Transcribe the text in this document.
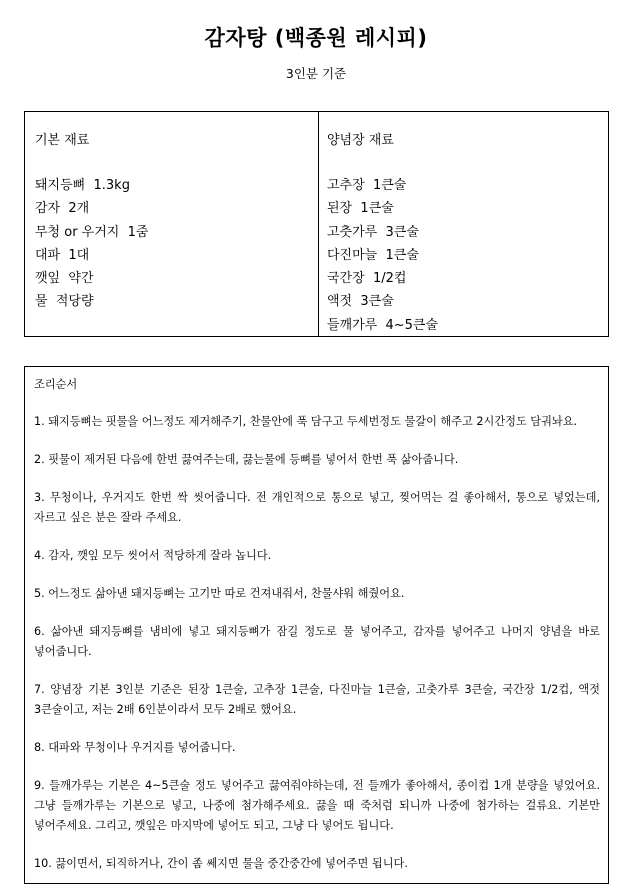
감자탕 (백종원 레시피)
3인분 기준
기본 재료
돼지등뼈  1.3kg
감자  2개
무청 or 우거지  1줌
대파  1대
깻잎  약간
물  적당량
양념장 재료
고추장  1큰술
된장  1큰술
고춧가루  3큰술
다진마늘  1큰술
국간장  1/2컵
액젓  3큰술
들깨가루  4~5큰술

조리순서

1. 돼지등뼈는 핏물을 어느정도 제거해주기, 찬물안에 푹 담구고 두세번정도 물갈이 해주고 2시간정도 담궈놔요.

2. 핏물이 제거된 다음에 한번 끓여주는데, 끓는물에 등뼈를 넣어서 한번 푹 삶아줍니다.

3. 무청이나, 우거지도 한번 싹 씻어줍니다. 전 개인적으로 통으로 넣고, 찢어먹는 걸 좋아해서, 통으로 넣었는데, 자르고 싶은 분은 잘라 주세요.

4. 감자, 깻잎 모두 씻어서 적당하게 잘라 놉니다.

5. 어느정도 삶아낸 돼지등뼈는 고기만 따로 건져내줘서, 찬물샤워 해줬어요.

6. 삶아낸 돼지등뼈를 냄비에 넣고 돼지등뼈가 잠길 정도로 물 넣어주고, 감자를 넣어주고 나머지 양념을 바로 넣어줍니다.

7. 양념장 기본 3인분 기준은 된장 1큰술, 고추장 1큰술, 다진마늘 1큰술, 고춧가루 3큰술, 국간장 1/2컵, 액젓 3큰술이고, 저는 2배 6인분이라서 모두 2배로 했어요.

8. 대파와 무청이나 우거지를 넣어줍니다.

9. 들깨가루는 기본은 4~5큰술 정도 넣어주고 끓여줘야하는데, 전 들깨가 좋아해서, 종이컵 1개 분량을 넣었어요. 그냥 들깨가루는 기본으로 넣고, 나중에 첨가해주세요. 끓을 때 죽처럼 되니까 나중에 첨가하는 걸류요. 기본만 넣어주세요. 그리고, 깻잎은 마지막에 넣어도 되고, 그냥 다 넣어도 됩니다.

10. 끓이면서, 되직하거나, 간이 좀 쎄지면 물을 중간중간에 넣어주면 됩니다.
